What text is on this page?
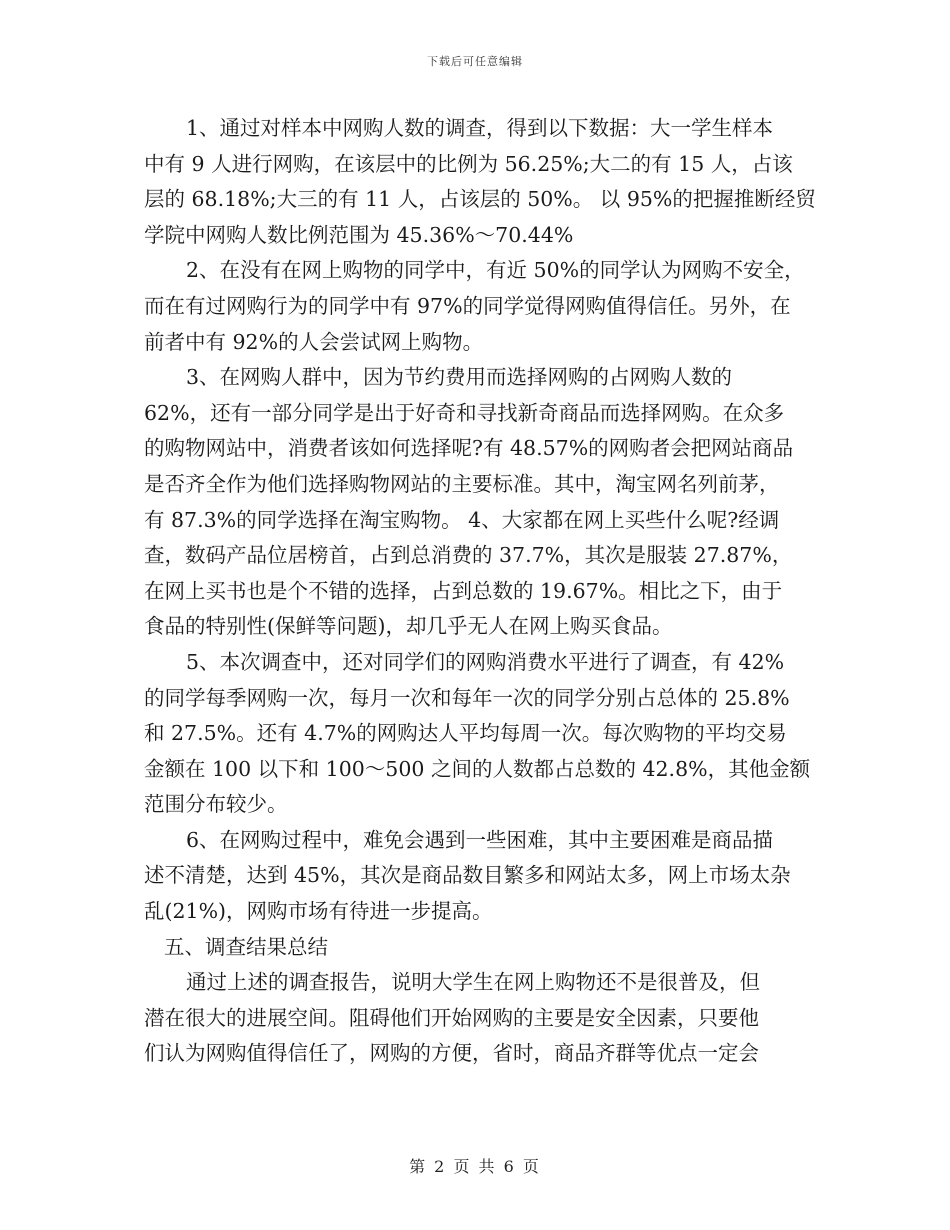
下载后可任意编辑
1、通过对样本中网购人数的调查，得到以下数据：大一学生样本
中有 9 人进行网购，在该层中的比例为 56.25%;大二的有 15 人，占该
层的 68.18%;大三的有 11 人，占该层的 50%。 以 95%的把握推断经贸
学院中网购人数比例范围为 45.36%～70.44%
2、在没有在网上购物的同学中，有近 50%的同学认为网购不安全，
而在有过网购行为的同学中有 97%的同学觉得网购值得信任。另外，在
前者中有 92%的人会尝试网上购物。
3、在网购人群中，因为节约费用而选择网购的占网购人数的
62%，还有一部分同学是出于好奇和寻找新奇商品而选择网购。在众多
的购物网站中，消费者该如何选择呢?有 48.57%的网购者会把网站商品
是否齐全作为他们选择购物网站的主要标准。其中，淘宝网名列前茅，
有 87.3%的同学选择在淘宝购物。 4、大家都在网上买些什么呢?经调
查，数码产品位居榜首，占到总消费的 37.7%，其次是服装 27.87%，
在网上买书也是个不错的选择，占到总数的 19.67%。相比之下，由于
食品的特别性(保鲜等问题)，却几乎无人在网上购买食品。
5、本次调查中，还对同学们的网购消费水平进行了调查，有 42%
的同学每季网购一次，每月一次和每年一次的同学分别占总体的 25.8%
和 27.5%。还有 4.7%的网购达人平均每周一次。每次购物的平均交易
金额在 100 以下和 100～500 之间的人数都占总数的 42.8%，其他金额
范围分布较少。
6、在网购过程中，难免会遇到一些困难，其中主要困难是商品描
述不清楚，达到 45%，其次是商品数目繁多和网站太多，网上市场太杂
乱(21%)，网购市场有待进一步提高。
五、调查结果总结
通过上述的调查报告，说明大学生在网上购物还不是很普及，但
潜在很大的进展空间。阻碍他们开始网购的主要是安全因素，只要他
们认为网购值得信任了，网购的方便，省时，商品齐群等优点一定会
第 2 页 共 6 页
